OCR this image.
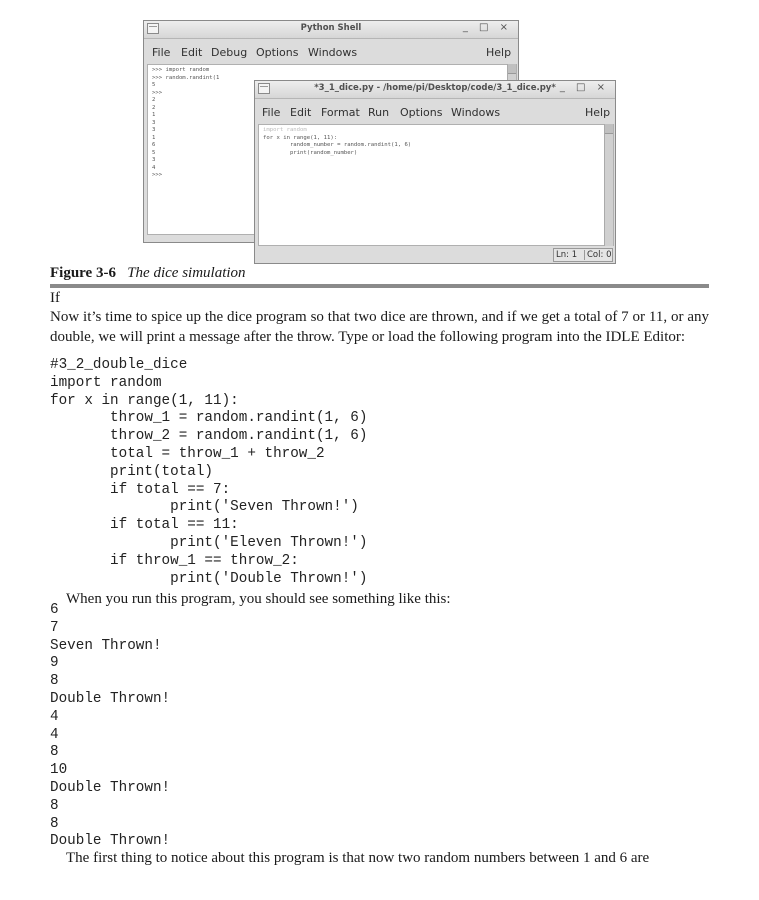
Python Shell	_ □ ×
File Edit Debug Options Windows	Help
>>> import random
>>> random.randint(1
5
>>>
2
2
1
3
3
1
6
5
3
4
>>>
*3_1_dice.py - /home/pi/Desktop/code/3_1_dice.py* _ □ ×
File Edit Format Run Options Windows	Help
import random
for x in range(1, 11):
random_number = random.randint(1, 6)
print(random_number)
Ln: 1	Col: 0
Figure 3-6 The dice simulation
If
Now it’s time to spice up the dice program so that two dice are thrown, and if we get a total of 7 or 11, or any double, we will print a message after the throw. Type or load the following program into the IDLE Editor:
#3_2_double_dice
import random
for x in range(1, 11):
throw_1 = random.randint(1, 6)
throw_2 = random.randint(1, 6)
total = throw_1 + throw_2
print(total)
if total == 7:
print('Seven Thrown!')
if total == 11:
print('Eleven Thrown!')
if throw_1 == throw_2:
print('Double Thrown!')
When you run this program, you should see something like this:
6
7
Seven Thrown!
9
8
Double Thrown!
4
4
8
10
Double Thrown!
8
8
Double Thrown!
The first thing to notice about this program is that now two random numbers between 1 and 6 are
